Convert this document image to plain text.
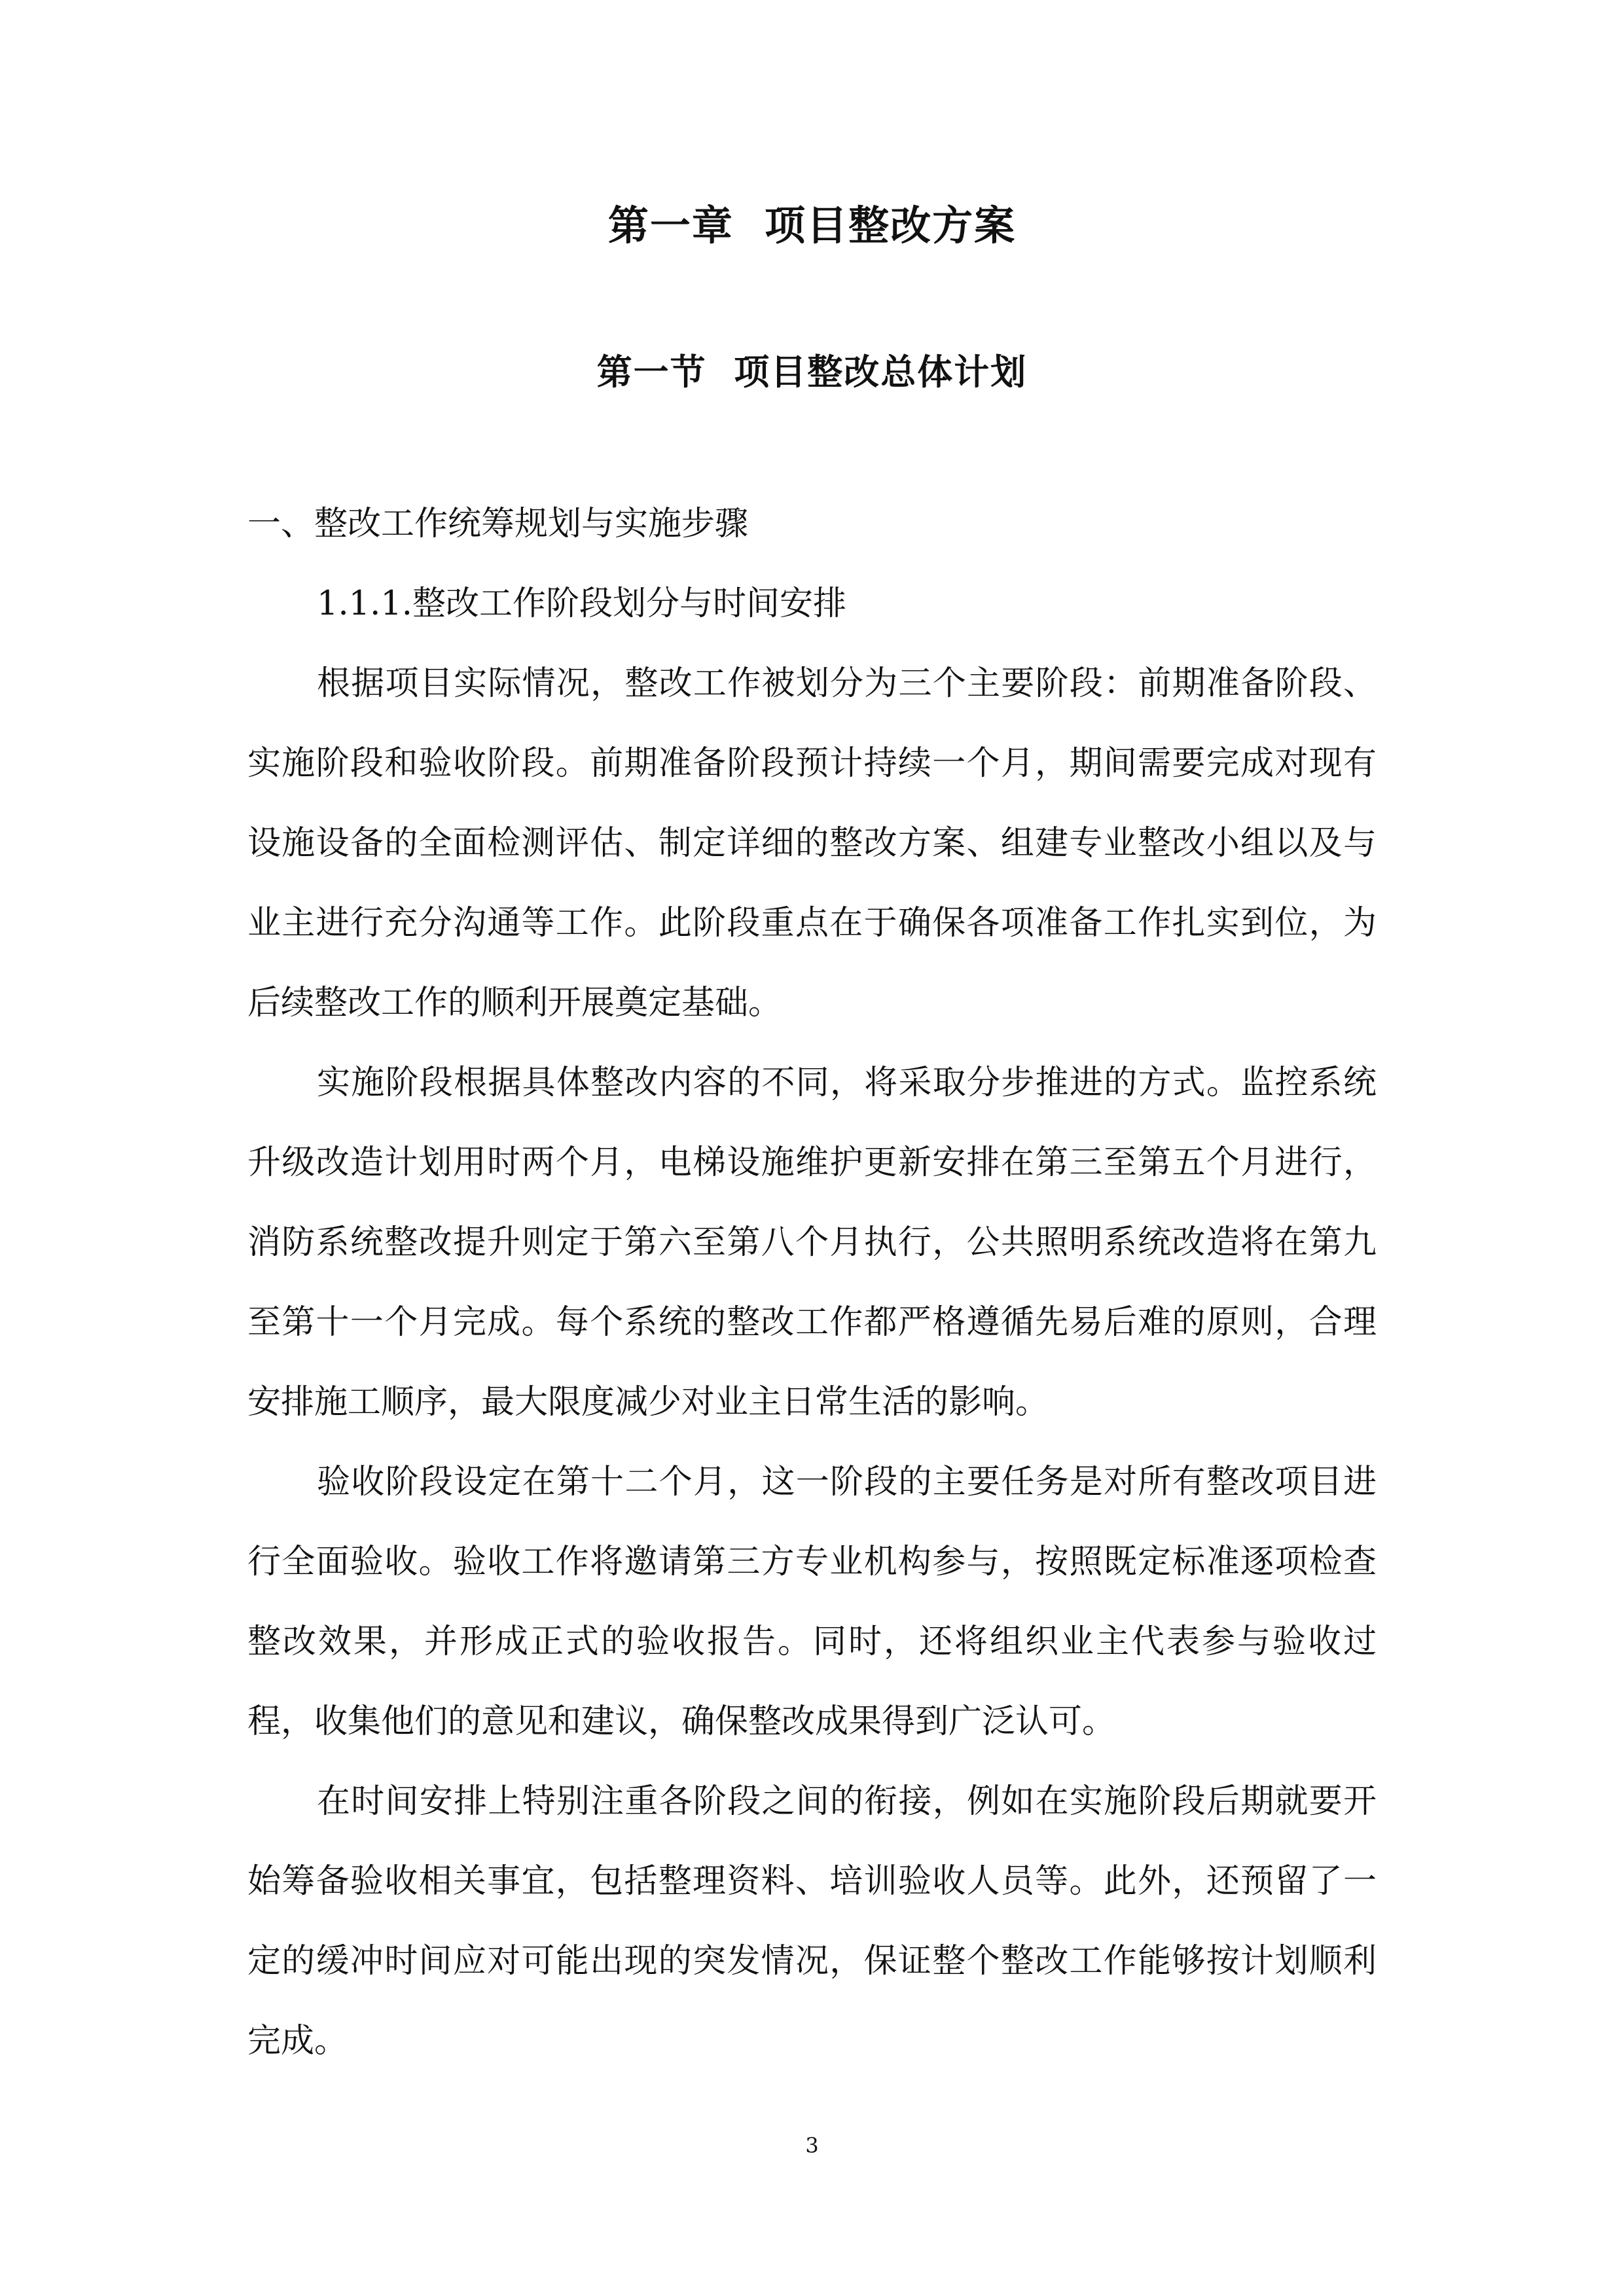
第一章  项目整改方案
第一节  项目整改总体计划

一、整改工作统筹规划与实施步骤

1.1.1.整改工作阶段划分与时间安排

根据项目实际情况，整改工作被划分为三个主要阶段：前期准备阶段、实施阶段和验收阶段。前期准备阶段预计持续一个月，期间需要完成对现有设施设备的全面检测评估、制定详细的整改方案、组建专业整改小组以及与业主进行充分沟通等工作。此阶段重点在于确保各项准备工作扎实到位，为后续整改工作的顺利开展奠定基础。

实施阶段根据具体整改内容的不同，将采取分步推进的方式。监控系统升级改造计划用时两个月，电梯设施维护更新安排在第三至第五个月进行，消防系统整改提升则定于第六至第八个月执行，公共照明系统改造将在第九至第十一个月完成。每个系统的整改工作都严格遵循先易后难的原则，合理安排施工顺序，最大限度减少对业主日常生活的影响。

验收阶段设定在第十二个月，这一阶段的主要任务是对所有整改项目进行全面验收。验收工作将邀请第三方专业机构参与，按照既定标准逐项检查整改效果，并形成正式的验收报告。同时，还将组织业主代表参与验收过程，收集他们的意见和建议，确保整改成果得到广泛认可。

在时间安排上特别注重各阶段之间的衔接，例如在实施阶段后期就要开始筹备验收相关事宜，包括整理资料、培训验收人员等。此外，还预留了一定的缓冲时间应对可能出现的突发情况，保证整个整改工作能够按计划顺利完成。

3
